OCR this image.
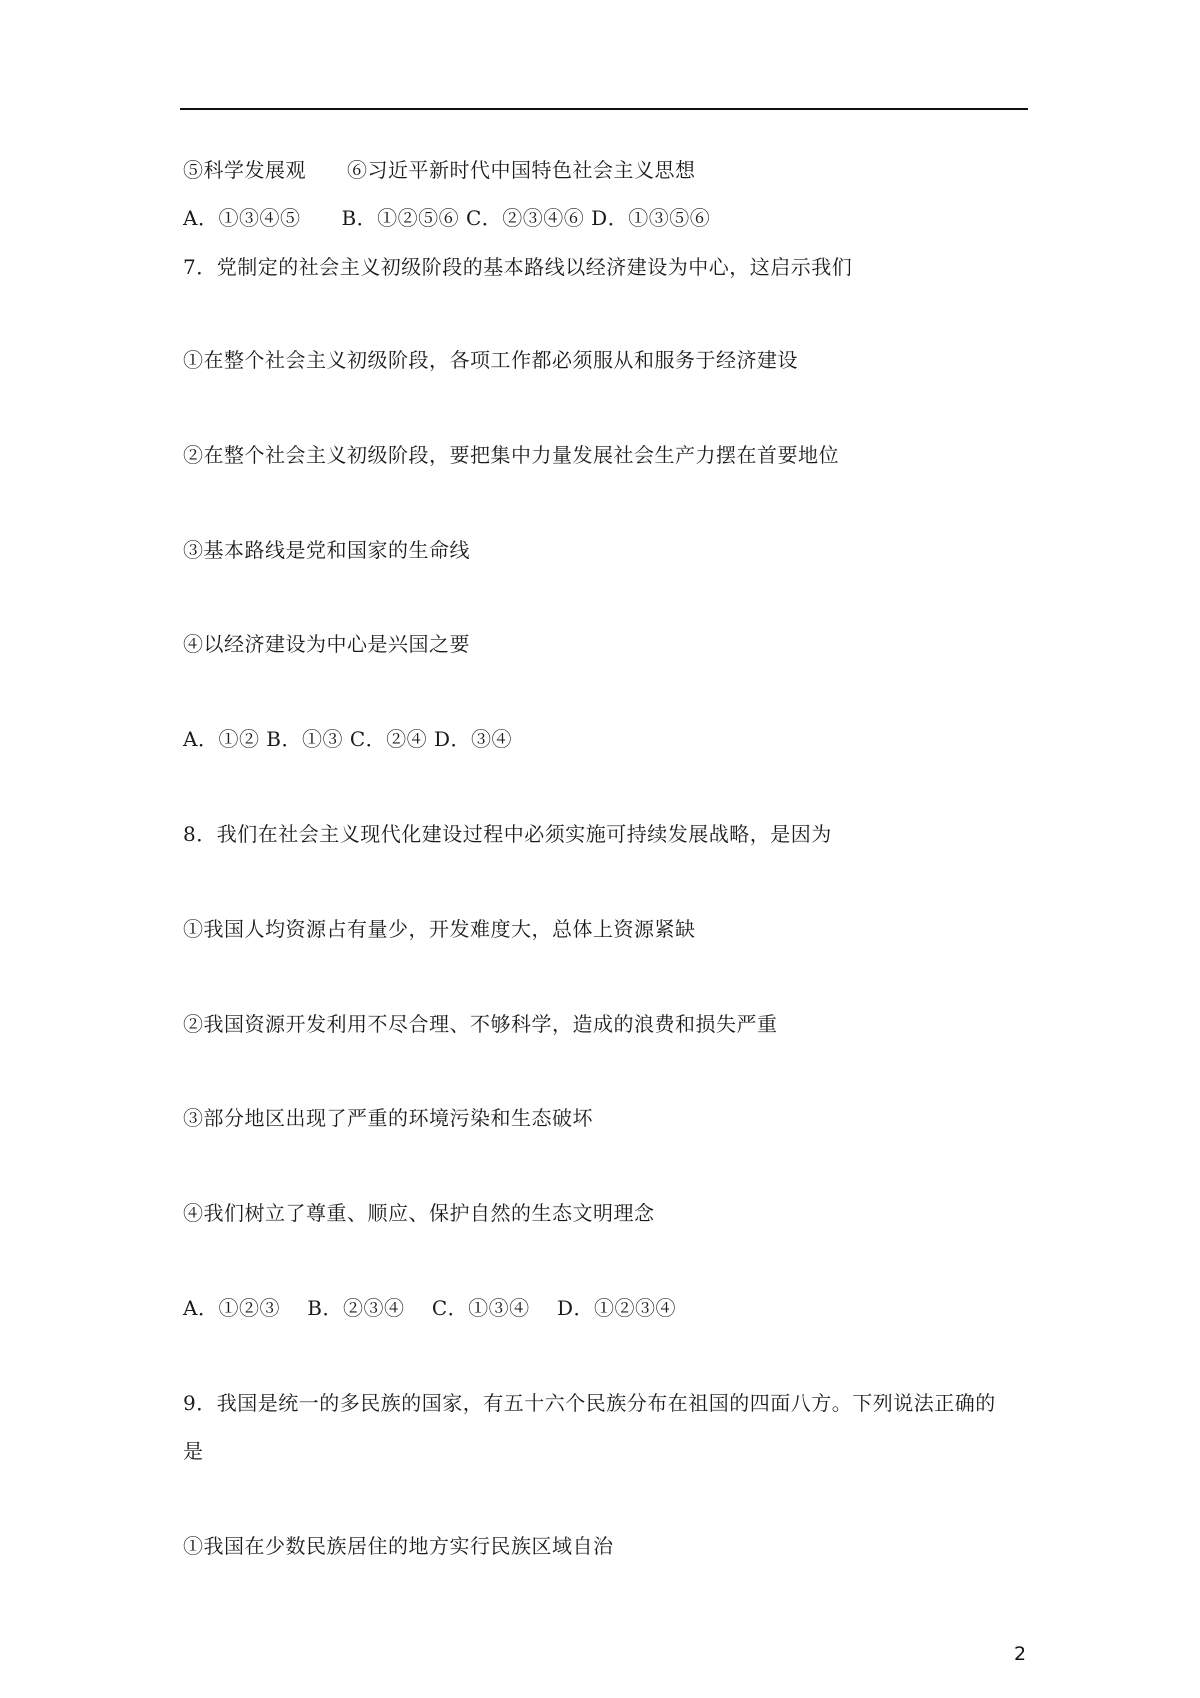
⑤科学发展观　　⑥习近平新时代中国特色社会主义思想
A．①③④⑤　　B．①②⑤⑥ C．②③④⑥ D．①③⑤⑥
7．党制定的社会主义初级阶段的基本路线以经济建设为中心，这启示我们
①在整个社会主义初级阶段，各项工作都必须服从和服务于经济建设
②在整个社会主义初级阶段，要把集中力量发展社会生产力摆在首要地位
③基本路线是党和国家的生命线
④以经济建设为中心是兴国之要
A．①② B．①③ C．②④ D．③④
8．我们在社会主义现代化建设过程中必须实施可持续发展战略，是因为
①我国人均资源占有量少，开发难度大，总体上资源紧缺
②我国资源开发利用不尽合理、不够科学，造成的浪费和损失严重
③部分地区出现了严重的环境污染和生态破坏
④我们树立了尊重、顺应、保护自然的生态文明理念
A．①②③　 B．②③④　 C．①③④　 D．①②③④
9．我国是统一的多民族的国家，有五十六个民族分布在祖国的四面八方。下列说法正确的
是
①我国在少数民族居住的地方实行民族区域自治
2
